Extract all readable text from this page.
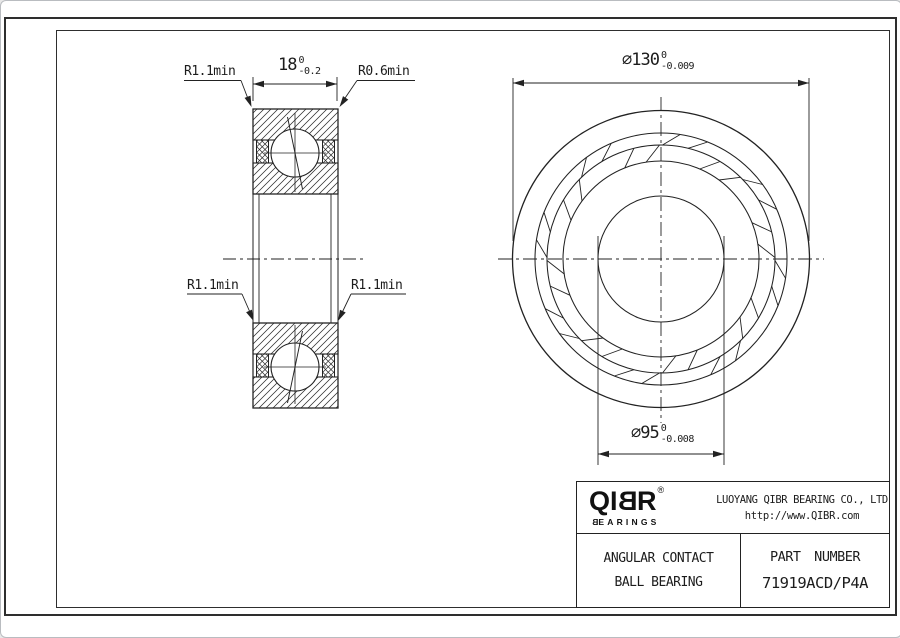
R1.1min	R0.6min
R1.1min	R1.1min
18 0
-0.2
⌀130 0
-0.009
⌀95 0
-0.008
QIBR ®
BEARINGS
LUOYANG QIBR BEARING CO., LTD
http://www.QIBR.com
ANGULAR CONTACT
BALL BEARING
PART NUMBER
71919ACD/P4A
